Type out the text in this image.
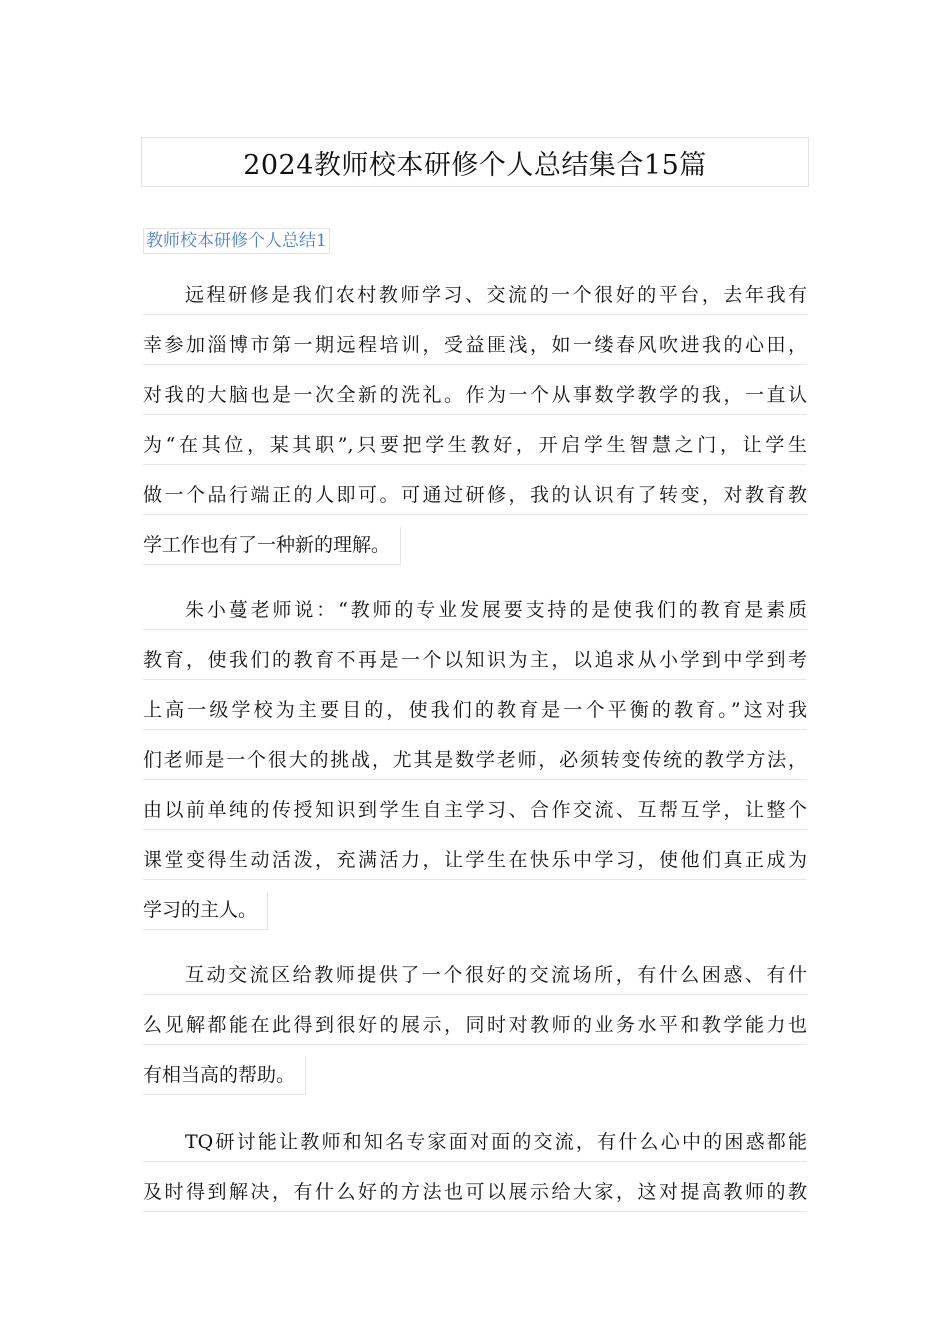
2024教师校本研修个人总结集合15篇
教师校本研修个人总结1
远程研修是我们农村教师学习、交流的一个很好的平台，去年我有
幸参加淄博市第一期远程培训，受益匪浅，如一缕春风吹进我的心田，
对我的大脑也是一次全新的洗礼。作为一个从事数学教学的我，一直认
为“在其位，某其职”,只要把学生教好，开启学生智慧之门，让学生
做一个品行端正的人即可。可通过研修，我的认识有了转变，对教育教
学工作也有了一种新的理解。
朱小蔓老师说：“教师的专业发展要支持的是使我们的教育是素质
教育，使我们的教育不再是一个以知识为主，以追求从小学到中学到考
上高一级学校为主要目的，使我们的教育是一个平衡的教育。”这对我
们老师是一个很大的挑战，尤其是数学老师，必须转变传统的教学方法，
由以前单纯的传授知识到学生自主学习、合作交流、互帮互学，让整个
课堂变得生动活泼，充满活力，让学生在快乐中学习，使他们真正成为
学习的主人。
互动交流区给教师提供了一个很好的交流场所，有什么困惑、有什
么见解都能在此得到很好的展示，同时对教师的业务水平和教学能力也
有相当高的帮助。
TQ研讨能让教师和知名专家面对面的交流，有什么心中的困惑都能
及时得到解决，有什么好的方法也可以展示给大家，这对提高教师的教
